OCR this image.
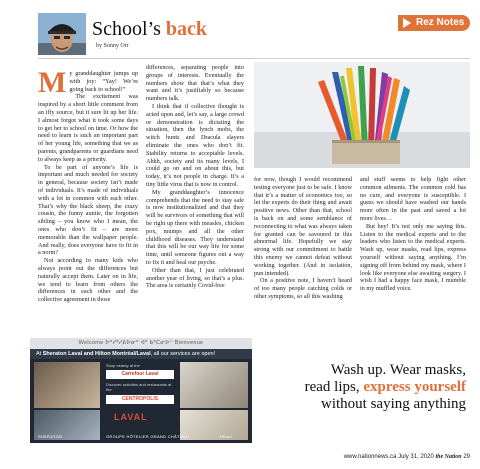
School’s back
by Sonny Orr
Rez Notes
M y granddaughter jumps up with joy: “Yay! We’re going back to school!”

The excitement was inspired by a short little comment from an iffy source, but it sure lit up her life. I almost forgot what it took some days to get her to school on time. Or how the need to learn is such an important part of her young life, something that we as parents, grandparents or guardians need to always keep as a priority.

To be part of anyone’s life is important and much needed for society in general, because society isn’t made of individuals. It’s made of individuals with a lot in common with each other. That’s why the black sheep, the crazy cousin, the funny auntie, the forgotten sibling – you know who I mean, the ones who don’t fit – are more memorable than the wallpaper people. And really, does everyone have to fit in a norm?

Not according to many kids who always point out the differences but naturally accept them. Later on in life, we tend to learn from others the differences in each other and the collective agreement in those

differences, separating people into groups of interests. Eventually the numbers show that that’s what they want and it’s justifiably so because numbers talk.

I think that if collective thought is acted upon and, let’s say, a large crowd or demonstration is dictating the situation, then the lynch mobs, the witch hunts and Dracula slayers eliminate the ones who don’t fit. Stability returns to acceptable levels. Ahhh, society and its many levels, I could go on and on about this, but today, it’s not people in charge. It’s a tiny little virus that is now in control.

My granddaughter’s innocence comprehends that the need to stay safe is now institutionalized and that they will be survivors of something that will be right up there with measles, chicken pox, mumps and all the other childhood diseases. They understand that this will be our way life for some time, until someone figures out a way to fix it and heal our psyche.

Other than that, I just celebrated another year of living, so that’s a plus. The area is certainly Covid-free

for now, though I would recommend testing everyone just to be safe. I know that it’s a matter of economics too, so let the experts do their thing and await positive news. Other than that, school is back on and some semblance of reconnecting to what was always taken for granted can be savoured in this abnormal life. Hopefully we stay strong with our commitment to battle this enemy we cannot defeat without working together. (And in isolation, pun intended).

On a positive note, I haven’t heard of too many people catching colds or other symptoms, so all this washing

and stuff seems to help fight other common ailments. The common cold has no cure, and everyone is susceptible. I guess we should have washed our hands more often in the past and saved a lot more lives…

But hey! It’s not only me saying this. Listen to the medical experts and to the leaders who listen to the medical experts. Wash up, wear masks, read lips, express yourself without saying anything. I’m signing off from behind my mask, where I look like everyone else awaiting surgery. I wish I had a happy face mask, I mumble in my muffled voice.

Welcome ᐅᑦᓯᕐᓯᕕᐅᓂᑦ ᐊᑦ ᑲᑦᑕᓂᐅᑉ Bienvenue
At Sheraton Laval and Hilton Montréal/Laval, all our services are open!
Shop nearby at the
Carrefour Laval
Discover activities and restaurants at the
CENTROPOLIS
LAVAL
SHERATON	GROUPE HÔTELIER GRAND CHÂTEAU	Hilton
Wash up. Wear masks,
read lips, express yourself
without saying anything
www.nationnews.ca July 31, 2020 the Nation 29
